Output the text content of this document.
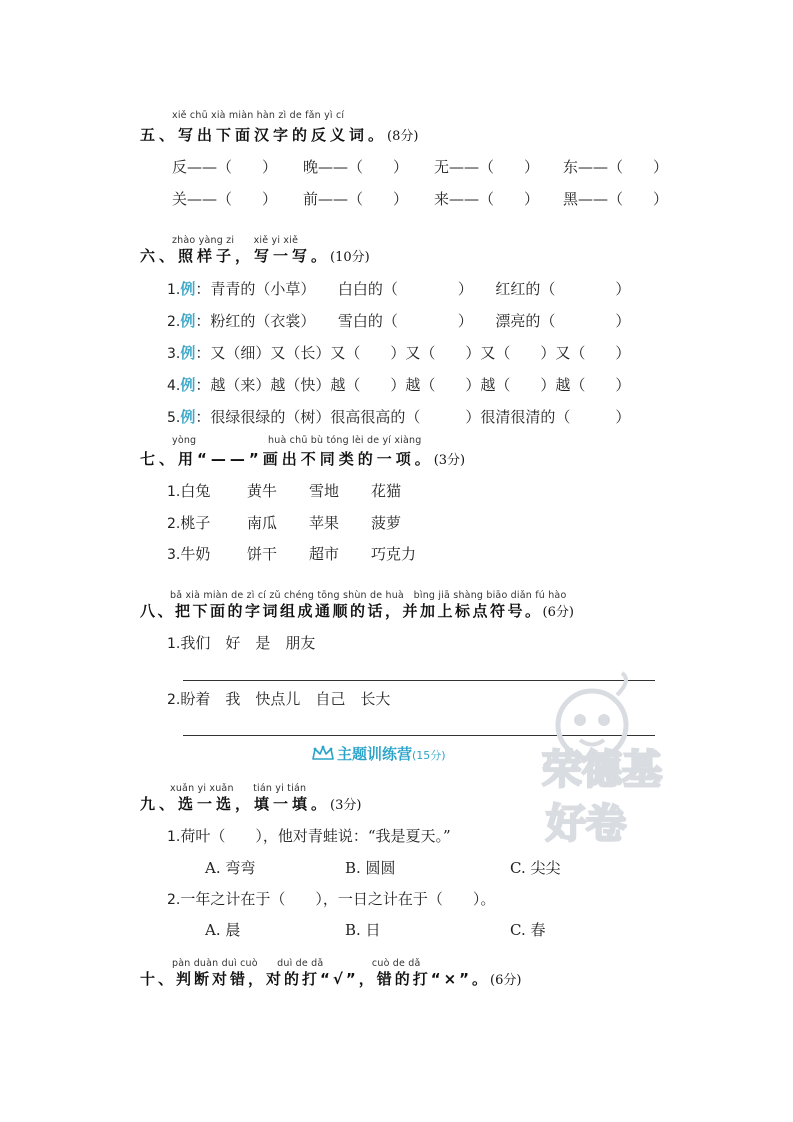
xiě chū xià miàn hàn zì de fǎn yì cí
五、写出下面汉字的反义词。(8分)
反——（　　） 晚——（　　） 无——（　　） 东——（　　）
关——（　　） 前——（　　） 来——（　　） 黑——（　　）
zhào yàng zi　　xiě yi xiě
六、照样子，写一写。(10分)
1.例：青青的（小草）　　白白的（　　　　）　　红红的（　　　　）
2.例：粉红的（衣裳）　　雪白的（　　　　）　　漂亮的（　　　　）
3.例：又（细）又（长）又（　　）又（　　）又（　　）又（　　）
4.例：越（来）越（快）越（　　）越（　　）越（　　）越（　　）
5.例：很绿很绿的（树）很高很高的（　　　）很清很清的（　　　）
yòng	huà chū bù tóng lèi de yí xiàng
七、用“——”画出不同类的一项。(3分)
1.白兔 黄牛 雪地 花猫
2.桃子 南瓜 苹果 菠萝
3.牛奶 饼干 超市 巧克力
bǎ xià miàn de zì cí zǔ chéng tōng shùn de huà　bìng jiā shàng biāo diǎn fú hào
八、把下面的字词组成通顺的话，并加上标点符号。(6分)
1.我们　好　是　朋友
2.盼着　我　快点儿　自己　长大
主题训练营(15分) 荣德基
好卷
xuǎn yi xuǎn　　tián yi tián
九、选一选，填一填。(3分)
1.荷叶（　　），他对青蛙说：“我是夏天。”
A. 弯弯	B. 圆圆	C. 尖尖
2.一年之计在于（　　），一日之计在于（　　）。
A. 晨	B. 日	C. 春
pàn duàn duì cuò　　duì de dǎ　　　　　cuò de dǎ
十、判断对错，对的打“√”，错的打“×”。(6分)
